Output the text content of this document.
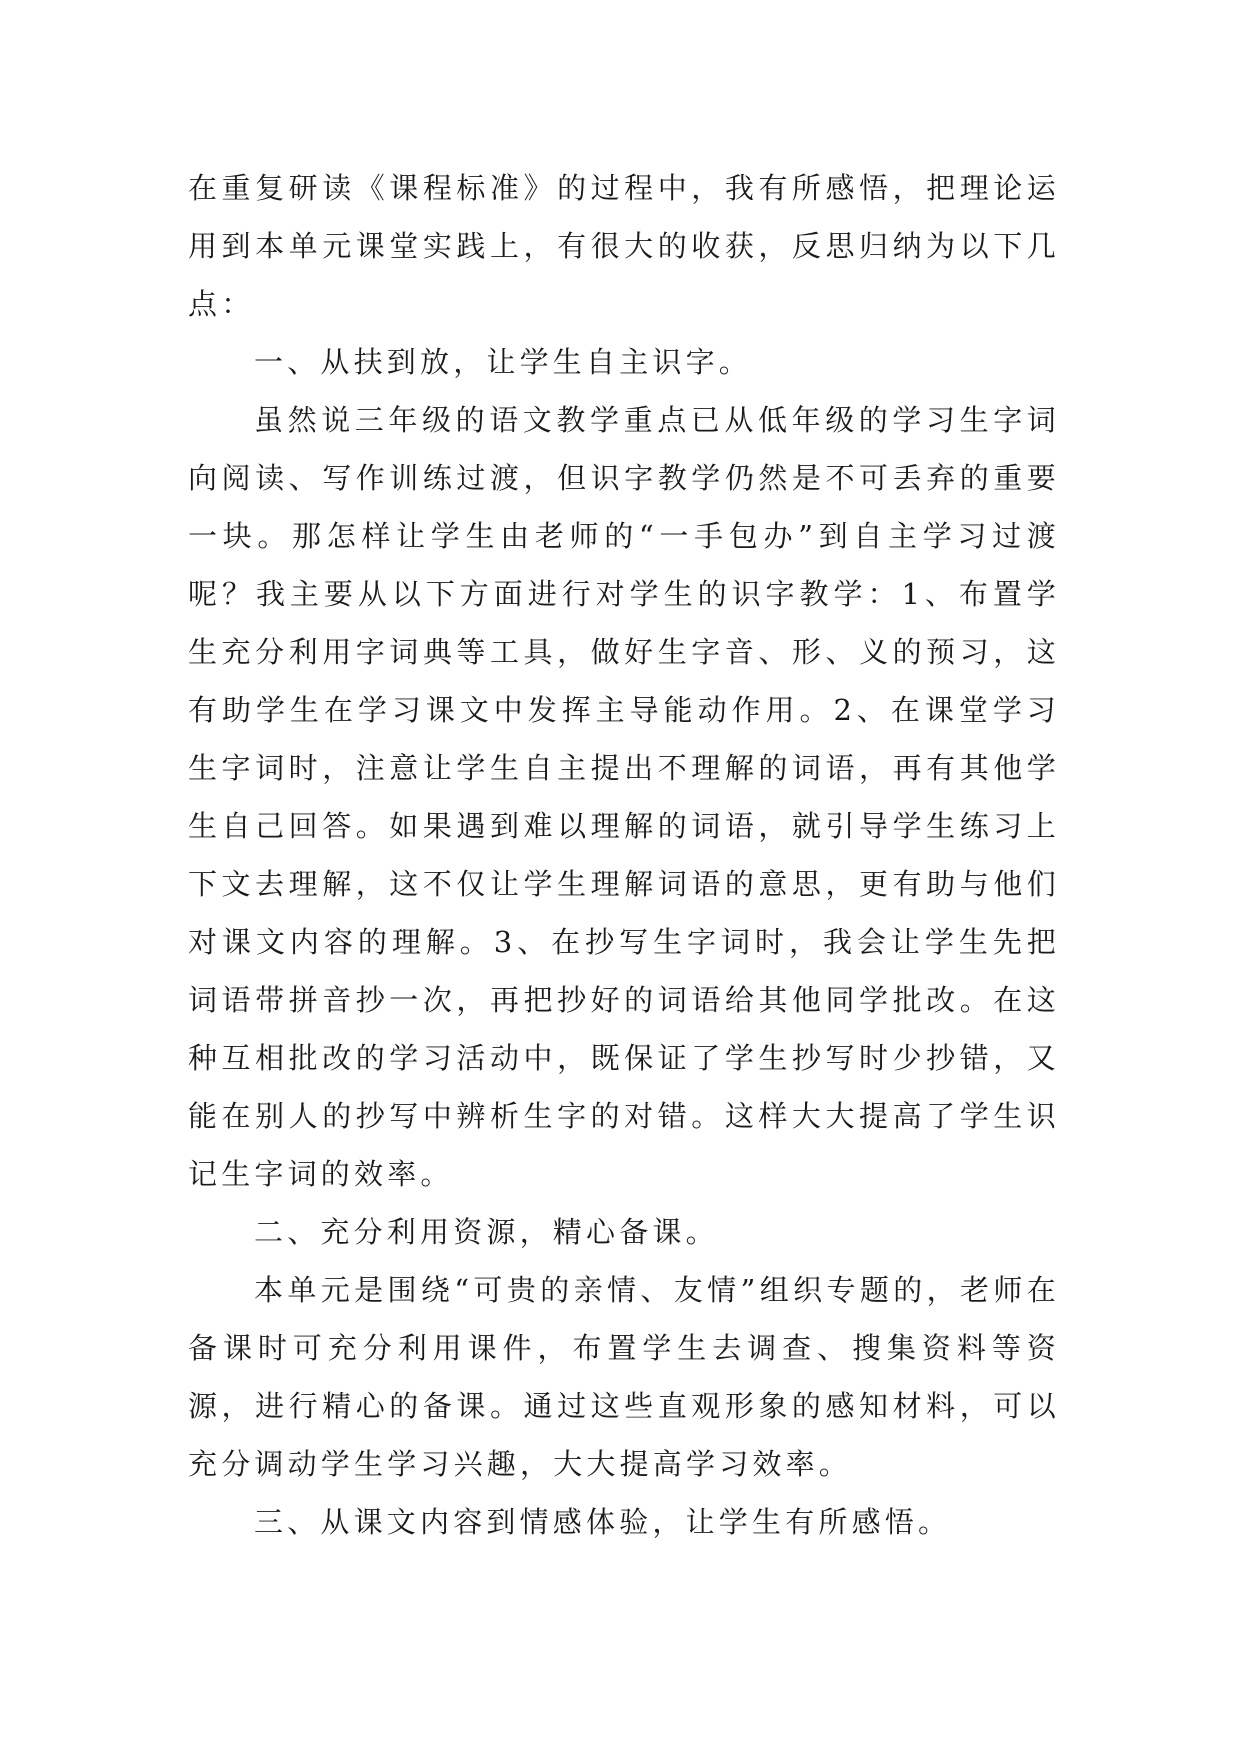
在重复研读《课程标准》的过程中，我有所感悟，把理论运用到本单元课堂实践上，有很大的收获，反思归纳为以下几点：

一、从扶到放，让学生自主识字。

虽然说三年级的语文教学重点已从低年级的学习生字词向阅读、写作训练过渡，但识字教学仍然是不可丢弃的重要一块。那怎样让学生由老师的“一手包办”到自主学习过渡呢？我主要从以下方面进行对学生的识字教学：1、布置学生充分利用字词典等工具，做好生字音、形、义的预习，这有助学生在学习课文中发挥主导能动作用。2、在课堂学习生字词时，注意让学生自主提出不理解的词语，再有其他学生自己回答。如果遇到难以理解的词语，就引导学生练习上下文去理解，这不仅让学生理解词语的意思，更有助与他们对课文内容的理解。3、在抄写生字词时，我会让学生先把词语带拼音抄一次，再把抄好的词语给其他同学批改。在这种互相批改的学习活动中，既保证了学生抄写时少抄错，又能在别人的抄写中辨析生字的对错。这样大大提高了学生识记生字词的效率。

二、充分利用资源，精心备课。

本单元是围绕“可贵的亲情、友情”组织专题的，老师在备课时可充分利用课件，布置学生去调查、搜集资料等资源，进行精心的备课。通过这些直观形象的感知材料，可以充分调动学生学习兴趣，大大提高学习效率。

三、从课文内容到情感体验，让学生有所感悟。
